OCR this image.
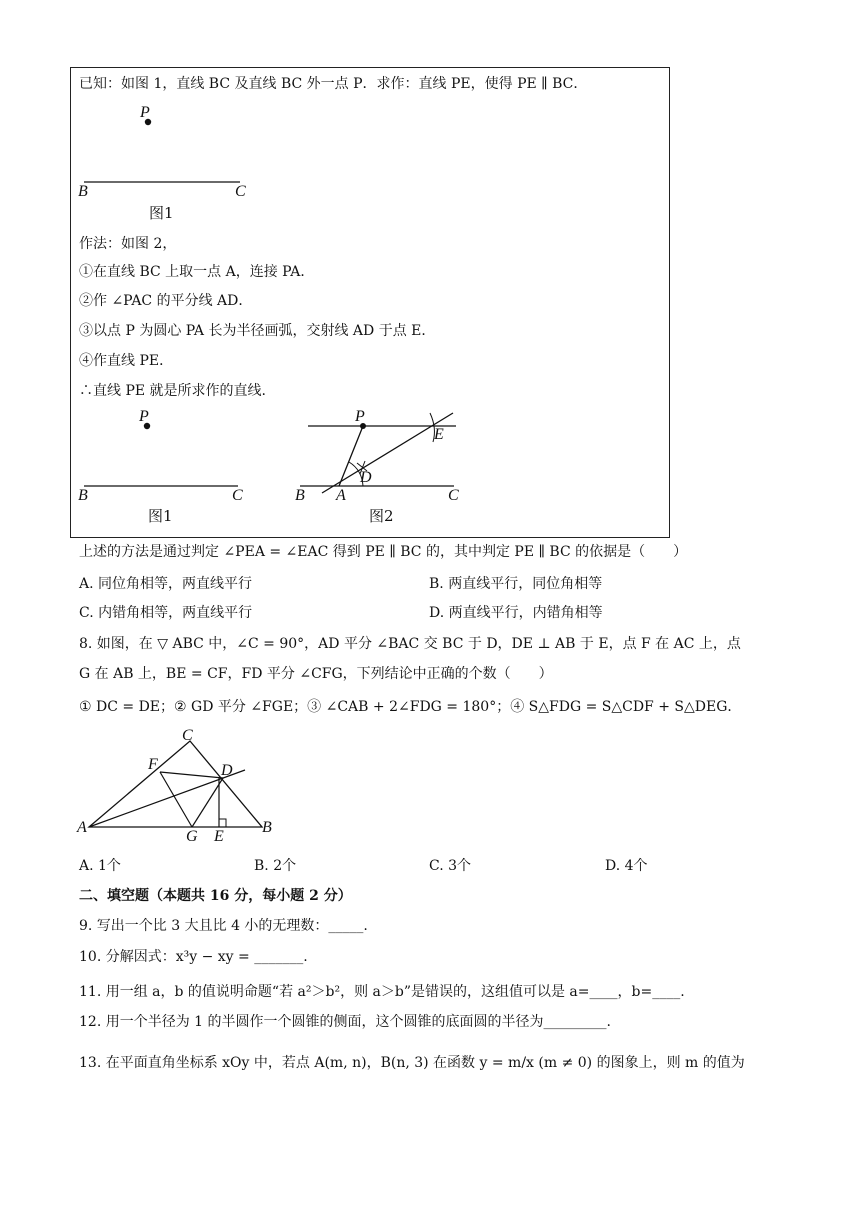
已知：如图 1，直线 BC 及直线 BC 外一点 P．求作：直线 PE，使得 PE ∥ BC．
P
B	C
图1
作法：如图 2，
①在直线 BC 上取一点 A，连接 PA．
②作 ∠PAC 的平分线 AD．
③以点 P 为圆心 PA 长为半径画弧，交射线 AD 于点 E．
④作直线 PE．
∴直线 PE 就是所求作的直线.
P
B	C
图1
P
E
D
B A	C
图2
上述的方法是通过判定 ∠PEA = ∠EAC 得到 PE ∥ BC 的，其中判定 PE ∥ BC 的依据是（　　）
A. 同位角相等，两直线平行	B. 两直线平行，同位角相等
C. 内错角相等，两直线平行	D. 两直线平行，内错角相等
8. 如图，在 ▽ ABC 中，∠C = 90°，AD 平分 ∠BAC 交 BC 于 D，DE ⊥ AB 于 E，点 F 在 AC 上，点
G 在 AB 上，BE = CF，FD 平分 ∠CFG，下列结论中正确的个数（　　）
① DC = DE；② GD 平分 ∠FGE；③ ∠CAB + 2∠FDG = 180°；④ S△FDG = S△CDF + S△DEG．
C
F	D
A
G E
B
A. 1个	B. 2个	C. 3个	D. 4个
二、填空题（本题共 16 分，每小题 2 分）
9. 写出一个比 3 大且比 4 小的无理数：_____.
10. 分解因式：x³y − xy = _______.
11. 用一组 a，b 的值说明命题“若 a²＞b²，则 a＞b”是错误的，这组值可以是 a=____，b=____.
12. 用一个半径为 1 的半圆作一个圆锥的侧面，这个圆锥的底面圆的半径为_________.
13. 在平面直角坐标系 xOy 中，若点 A(m, n)，B(n, 3) 在函数 y = m/x (m ≠ 0) 的图象上，则 m 的值为
